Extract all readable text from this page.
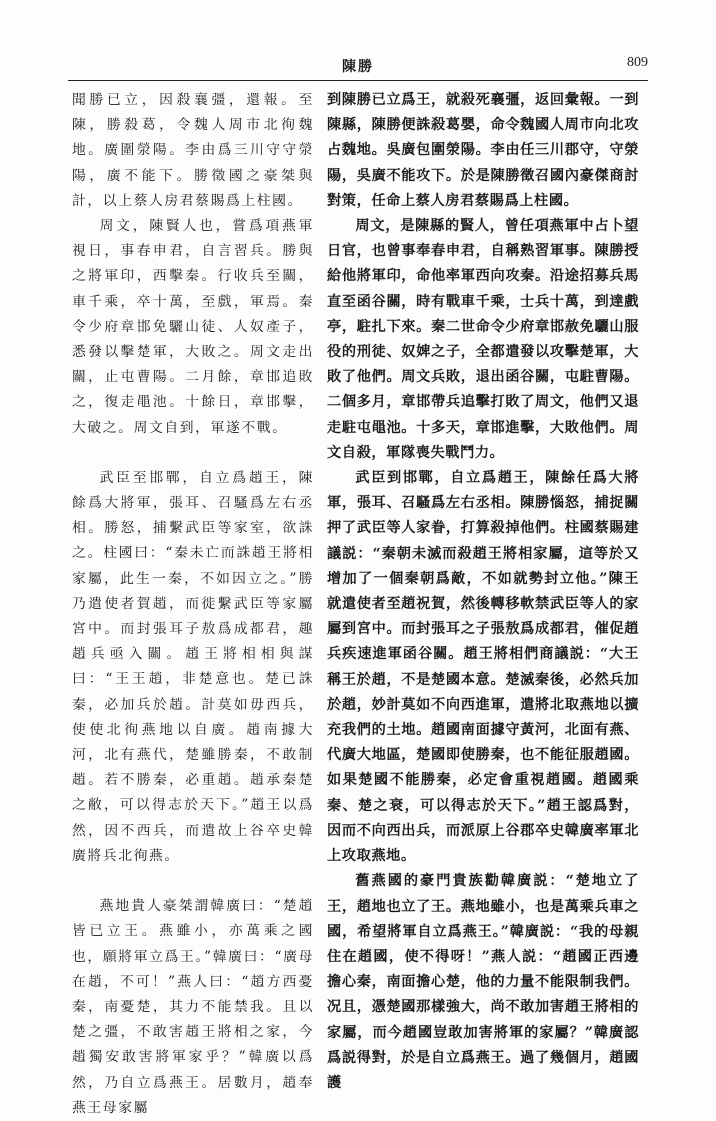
陳勝	809

聞勝已立，因殺襄彊，還報。至陳，勝殺葛，令魏人周市北徇魏地。廣圍滎陽。李由爲三川守守滎陽，廣不能下。勝徵國之豪桀與計，以上蔡人房君蔡賜爲上柱國。

周文，陳賢人也，嘗爲項燕軍視日，事春申君，自言習兵。勝與之將軍印，西擊秦。行收兵至關，車千乘，卒十萬，至戲，軍焉。秦令少府章邯免驪山徒、人奴產子，悉發以擊楚軍，大敗之。周文走出關，止屯曹陽。二月餘，章邯追敗之，復走黽池。十餘日，章邯擊，大破之。周文自到，軍遂不戰。

武臣至邯鄲，自立爲趙王，陳餘爲大將軍，張耳、召騷爲左右丞相。勝怒，捕繫武臣等家室，欲誅之。柱國曰：“秦未亡而誅趙王將相家屬，此生一秦，不如因立之。”勝乃遣使者賀趙，而徙繫武臣等家屬宮中。而封張耳子敖爲成都君，趣趙兵亟入關。趙王將相相與謀曰：“王王趙，非楚意也。楚已誅秦，必加兵於趙。計莫如毋西兵，使使北徇燕地以自廣。趙南據大河，北有燕代，楚雖勝秦，不敢制趙。若不勝秦，必重趙。趙承秦楚之敝，可以得志於天下。”趙王以爲然，因不西兵，而遣故上谷卒史韓廣將兵北徇燕。

燕地貴人豪桀謂韓廣曰：“楚趙皆已立王。燕雖小，亦萬乘之國也，願將軍立爲王。”韓廣曰：“廣母在趙，不可！”燕人曰：“趙方西憂秦，南憂楚，其力不能禁我。且以楚之彊，不敢害趙王將相之家，今趙獨安敢害將軍家乎？”韓廣以爲然，乃自立爲燕王。居數月，趙奉燕王母家屬

到陳勝已立爲王，就殺死襄彊，返回彙報。一到陳縣，陳勝便誅殺葛嬰，命令魏國人周市向北攻占魏地。吳廣包圍滎陽。李由任三川郡守，守滎陽，吳廣不能攻下。於是陳勝徵召國內豪傑商討對策，任命上蔡人房君蔡賜爲上柱國。

周文，是陳縣的賢人，曾任項燕軍中占卜望日官，也曾事奉春申君，自稱熟習軍事。陳勝授給他將軍印，命他率軍西向攻秦。沿途招募兵馬直至函谷關，時有戰車千乘，士兵十萬，到達戲亭，駐扎下來。秦二世命令少府章邯赦免驪山服役的刑徒、奴婢之子，全都遣發以攻擊楚軍，大敗了他們。周文兵敗，退出函谷關，屯駐曹陽。二個多月，章邯帶兵追擊打敗了周文，他們又退走駐屯黽池。十多天，章邯進擊，大敗他們。周文自殺，軍隊喪失戰鬥力。

武臣到邯鄲，自立爲趙王，陳餘任爲大將軍，張耳、召騷爲左右丞相。陳勝惱怒，捕捉關押了武臣等人家眷，打算殺掉他們。柱國蔡賜建議説：“秦朝未滅而殺趙王將相家屬，這等於又增加了一個秦朝爲敵，不如就勢封立他。”陳王就遣使者至趙祝賀，然後轉移軟禁武臣等人的家屬到宮中。而封張耳之子張敖爲成都君，催促趙兵疾速進軍函谷關。趙王將相們商議説：“大王稱王於趙，不是楚國本意。楚滅秦後，必然兵加於趙，妙計莫如不向西進軍，遣將北取燕地以擴充我們的土地。趙國南面據守黃河，北面有燕、代廣大地區，楚國即使勝秦，也不能征服趙國。如果楚國不能勝秦，必定會重視趙國。趙國乘秦、楚之衰，可以得志於天下。”趙王認爲對，因而不向西出兵，而派原上谷郡卒史韓廣率軍北上攻取燕地。

舊燕國的豪門貴族勸韓廣説：“楚地立了王，趙地也立了王。燕地雖小，也是萬乘兵車之國，希望將軍自立爲燕王。”韓廣説：“我的母親住在趙國，使不得呀！”燕人説：“趙國正西邊擔心秦，南面擔心楚，他的力量不能限制我們。况且，憑楚國那樣強大，尚不敢加害趙王將相的家屬，而今趙國豈敢加害將軍的家屬？”韓廣認爲説得對，於是自立爲燕王。過了幾個月，趙國護
